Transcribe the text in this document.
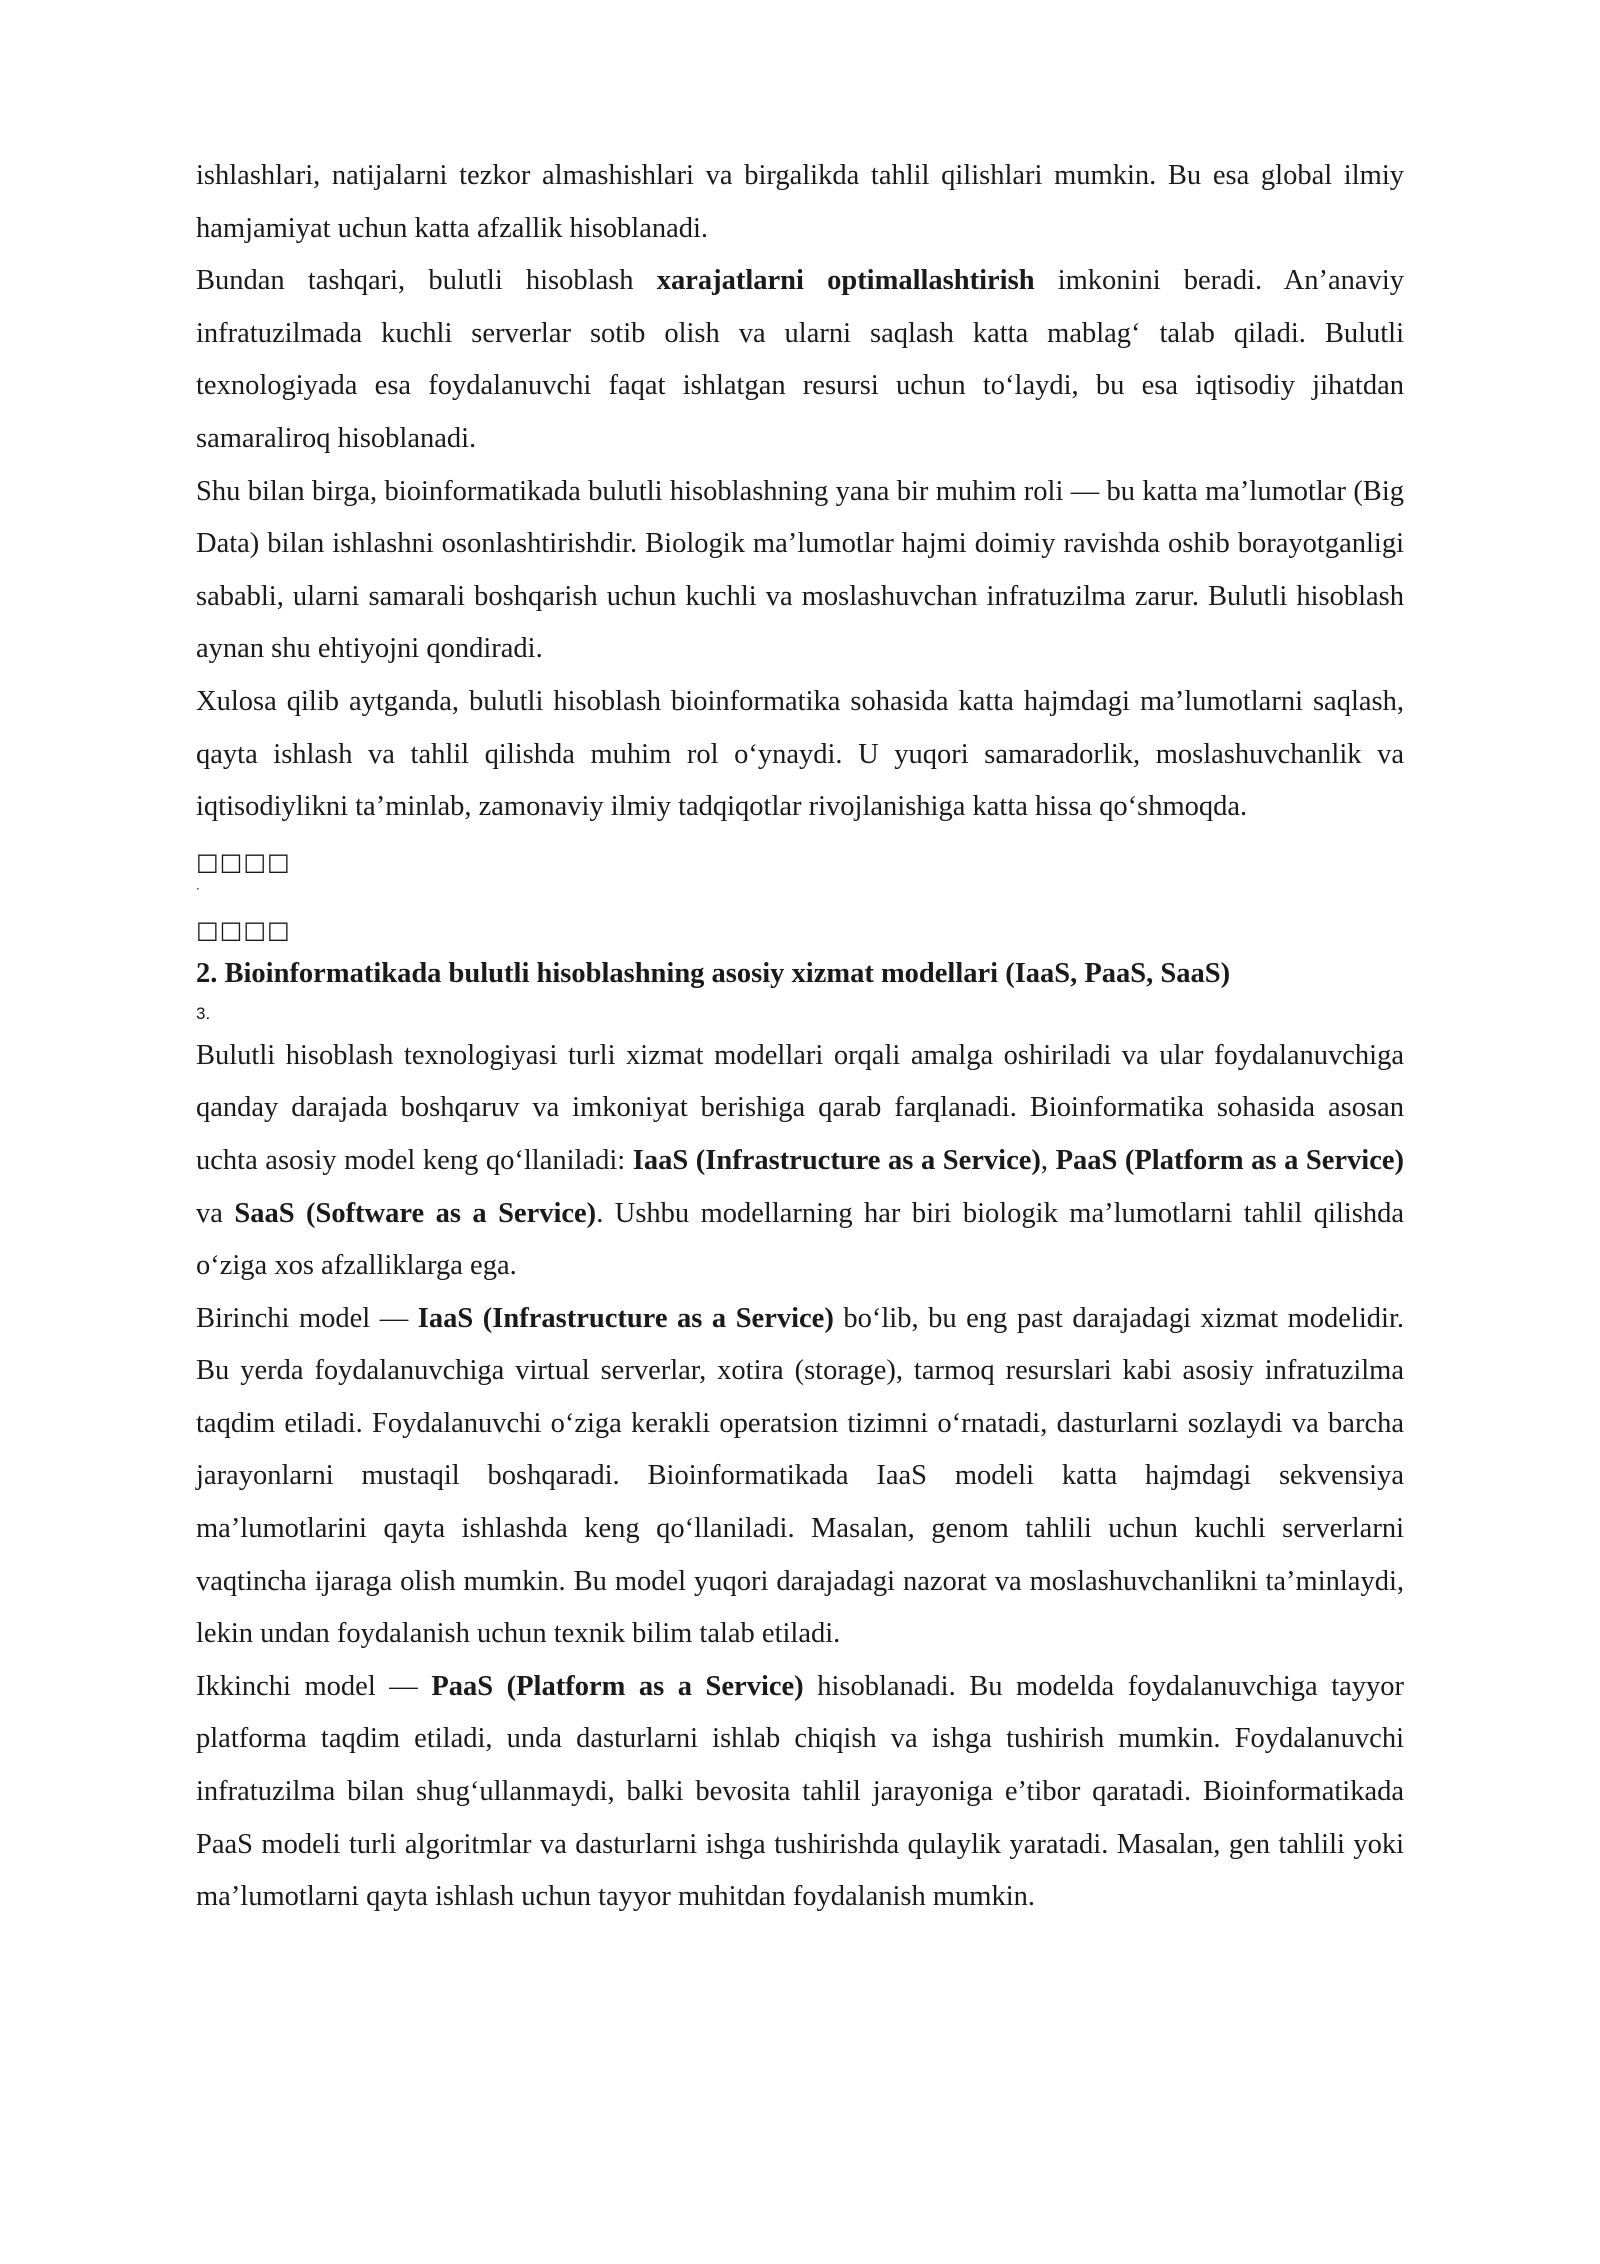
ishlashlari, natijalarni tezkor almashishlari va birgalikda tahlil qilishlari mumkin. Bu esa global ilmiy hamjamiyat uchun katta afzallik hisoblanadi.

Bundan tashqari, bulutli hisoblash xarajatlarni optimallashtirish imkonini beradi. An’anaviy infratuzilmada kuchli serverlar sotib olish va ularni saqlash katta mablag‘ talab qiladi. Bulutli texnologiyada esa foydalanuvchi faqat ishlatgan resursi uchun to‘laydi, bu esa iqtisodiy jihatdan samaraliroq hisoblanadi.

Shu bilan birga, bioinformatikada bulutli hisoblashning yana bir muhim roli — bu katta ma’lumotlar (Big Data) bilan ishlashni osonlashtirishdir. Biologik ma’lumotlar hajmi doimiy ravishda oshib borayotganligi sababli, ularni samarali boshqarish uchun kuchli va moslashuvchan infratuzilma zarur. Bulutli hisoblash aynan shu ehtiyojni qondiradi.

Xulosa qilib aytganda, bulutli hisoblash bioinformatika sohasida katta hajmdagi ma’lumotlarni saqlash, qayta ishlash va tahlil qilishda muhim rol o‘ynaydi. U yuqori samaradorlik, moslashuvchanlik va iqtisodiylikni ta’minlab, zamonaviy ilmiy tadqiqotlar rivojlanishiga katta hissa qo‘shmoqda.

□□□□
·
□□□□
2. Bioinformatikada bulutli hisoblashning asosiy xizmat modellari (IaaS, PaaS, SaaS)
3.

Bulutli hisoblash texnologiyasi turli xizmat modellari orqali amalga oshiriladi va ular foydalanuvchiga qanday darajada boshqaruv va imkoniyat berishiga qarab farqlanadi. Bioinformatika sohasida asosan uchta asosiy model keng qo‘llaniladi: IaaS (Infrastructure as a Service), PaaS (Platform as a Service) va SaaS (Software as a Service). Ushbu modellarning har biri biologik ma’lumotlarni tahlil qilishda o‘ziga xos afzalliklarga ega.

Birinchi model — IaaS (Infrastructure as a Service) bo‘lib, bu eng past darajadagi xizmat modelidir. Bu yerda foydalanuvchiga virtual serverlar, xotira (storage), tarmoq resurslari kabi asosiy infratuzilma taqdim etiladi. Foydalanuvchi o‘ziga kerakli operatsion tizimni o‘rnatadi, dasturlarni sozlaydi va barcha jarayonlarni mustaqil boshqaradi. Bioinformatikada IaaS modeli katta hajmdagi sekvensiya ma’lumotlarini qayta ishlashda keng qo‘llaniladi. Masalan, genom tahlili uchun kuchli serverlarni vaqtincha ijaraga olish mumkin. Bu model yuqori darajadagi nazorat va moslashuvchanlikni ta’minlaydi, lekin undan foydalanish uchun texnik bilim talab etiladi.

Ikkinchi model — PaaS (Platform as a Service) hisoblanadi. Bu modelda foydalanuvchiga tayyor platforma taqdim etiladi, unda dasturlarni ishlab chiqish va ishga tushirish mumkin. Foydalanuvchi infratuzilma bilan shug‘ullanmaydi, balki bevosita tahlil jarayoniga e’tibor qaratadi. Bioinformatikada PaaS modeli turli algoritmlar va dasturlarni ishga tushirishda qulaylik yaratadi. Masalan, gen tahlili yoki ma’lumotlarni qayta ishlash uchun tayyor muhitdan foydalanish mumkin.
